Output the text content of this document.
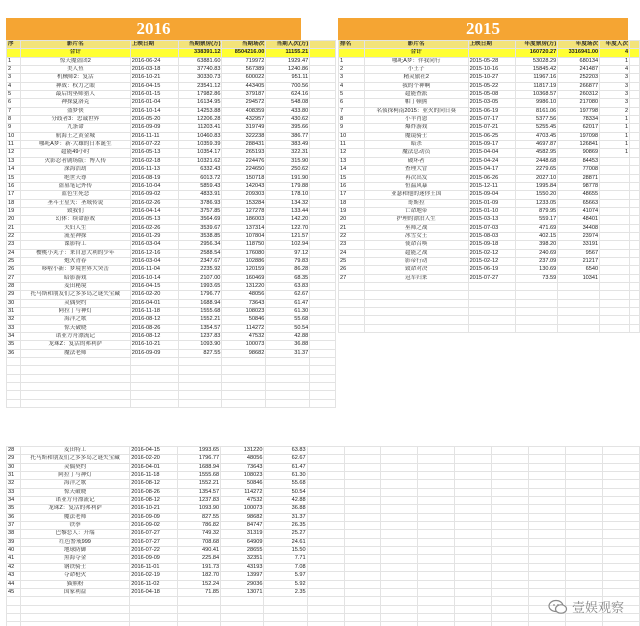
2016
序	影片名	上映日期	当期票房(万)	当期场次	当期人次(万)	
	合计		338391.12	8504216.00	11155.21	
1	惊天魔盗团2	2016-06-24	63881.60	719972	1929.47	
2	美人鱼	2016-03-18	37740.83	567389	1240.86	
3	机械师2：复活	2016-10-21	30330.73	600022	951.11	
4	神战：权力之眼	2016-04-15	23541.12	443405	700.56	
5	最后的巫师猎人	2016-01-15	17982.86	379187	624.16	
6	神探夏洛克	2016-01-04	16134.95	294572	548.08	
7	盗梦侠	2016-10-14	14253.88	408359	433.80	
8	分歧者3：忠诚世界	2016-05-20	12206.28	432957	430.62	
9	九条命	2016-09-09	11203.41	319749	395.66	
10	航海王之黄金城	2016-11-11	10460.83	322238	386.77	
11	哪吒A梦：新·大雄的日本诞生	2016-07-22	10359.39	288431	383.49	
12	超能49小时	2016-05-13	10354.17	265193	322.31	
13	火影忍者剧场版：博人传	2016-02-18	10321.62	224476	315.90	
14	深海浩劫	2016-11-13	6332.43	224650	250.62	
15	绝世天尊	2016-08-19	6013.72	150718	191.90	
16	盗墓笔记外传	2016-10-04	5859.43	142043	179.88	
17	蓝色生死恋	2016-09-02	4833.91	209303	178.10	
18	圣斗士星矢：圣域传说	2016-02-26	3786.93	153284	134.32	
19	致我们	2016-04-14	3757.85	127278	133.44	
20	幻体：续命游戏	2016-05-13	3564.69	186003	142.20	
21	夫妇人生	2016-02-26	3539.67	137314	122.70	
22	流星神探	2016-01-29	3538.85	107804	121.57	
23	谍影特工	2016-03-04	2956.34	118750	102.94	
24	樱桃小丸子：来自意大利的少年	2016-12-16	2588.54	176080	97.12	
25	炮火青春	2016-03-04	2347.67	102886	79.83	
26	哆啦小新：梦境世界大突击	2016-11-04	2235.92	120159	86.28	
27	暗影游戏	2016-10-14	2107.00	160469	68.35	
28	麦田秘境	2016-04-15	1993.65	131220	63.83	
29	托马斯和朋友们之多多岛之谜失宝藏	2016-02-20	1796.77	48056	62.67	
30	灵偶契约	2016-04-01	1688.94	73643	61.47	
31	阿拉丁与神灯	2016-11-18	1555.68	108023	61.30	
32	海洋之歌	2016-08-12	1552.21	50846	55.68	
33	惊天破晓	2016-08-26	1354.57	114272	50.54	
34	诺亚方舟漂流记	2016-08-12	1237.83	47532	42.88	
35	龙珠Z：复活的弗利萨	2016-10-21	1093.90	100073	36.88	
36	魔法老师	2016-09-09	827.55	98682	31.37	

2015
排名	影片名	上映日期	年度票房(万)	年度场次	年度人次	
	合计		160720.27	3316941.00	4	
1	哪吒A梦：伴我同行	2015-05-28	53028.29	680134	1	
2	小王子	2015-10-16	15845.42	241487	4	
3	精灵旅社2	2015-10-27	11967.16	252203	3	
4	我的个神啊	2015-05-22	11817.19	266877	3	
5	超能查派	2015-05-08	10368.57	260312	3	
6	帕丁顿熊	2015-03-05	9986.10	217080	3	
7	名侦探柯南2015：业火的向日葵	2015-06-19	8161.06	197798	2	
8	小羊肖恩	2015-07-17	5377.56	78334	1	
9	爆炸游戏	2015-07-21	5255.45	62017	1	
10	魔镜骑士	2015-06-25	4703.45	197098	1	
11	暗杀	2015-09-17	4697.87	126841	1	
12	魔法总动员	2015-04-04	4582.95	90869	1	
13	破坏者	2015-04-24	2448.68	84453		
14	查理大冒	2015-04-17	2279.65	77008		
15	再次出发	2015-06-26	2027.10	28871		
16	恒温风暴	2015-12-11	1995.84	98778		
17	亚瑟和他的迷你王国	2015-09-04	1550.20	48655		
18	哥斯拉	2015-01-09	1233.05	65663		
19	亡命地带	2015-01-10	879.95	41074		
20	护理的漂泊人生	2015-03-13	559.17	48401		
21	巫师之战	2015-07-03	471.69	34408		
22	冰雪女王	2015-08-03	402.15	23974		
23	使命召唤	2015-09-18	398.20	33191		
24	超能之战	2015-02-12	240.69	9567		
25	影帝行动	2015-02-12	237.09	21217		
26	致命对决	2015-06-19	130.69	6540		
27	冠军归来	2015-07-27	73.59	10341		

28	麦田特工	2016-04-15	1993.65	131220	63.83									
29	托马斯和朋友们之多多岛之谜失宝藏	2016-02-20	1796.77	48056	62.67									
30	灵偶契约	2016-04-01	1688.94	73643	61.47									
31	阿拉丁与神灯	2016-11-18	1555.68	108023	61.30									
32	海洋之歌	2016-08-12	1552.21	50846	55.68									
33	惊天破晓	2016-08-26	1354.57	114272	50.54									
34	诺亚方舟漂流记	2016-08-12	1237.83	47532	42.88									
35	龙珠Z：复活的弗利萨	2016-10-21	1093.90	100073	36.88									
36	魔法老师	2016-09-09	827.55	98682	31.37									
37	铁拳	2016-09-02	786.82	84747	26.35									
38	巴黎恋人：开端	2016-07-27	749.32	31319	25.27									
39	红色警戒999	2016-07-27	708.68	64909	24.61									
40	地球防御	2016-07-22	490.41	28655	15.50									
41	黑海夺金	2016-09-09	225.84	32351	7.71									
42	钢铁骑士	2016-11-01	191.73	43193	7.08									
43	夺命枪火	2016-02-19	182.70	13997	5.97									
44	猫熊粉	2016-11-02	152.24	29036	5.92									
45	国家利益	2016-04-18	71.85	13071	2.35									

壹娱观察
